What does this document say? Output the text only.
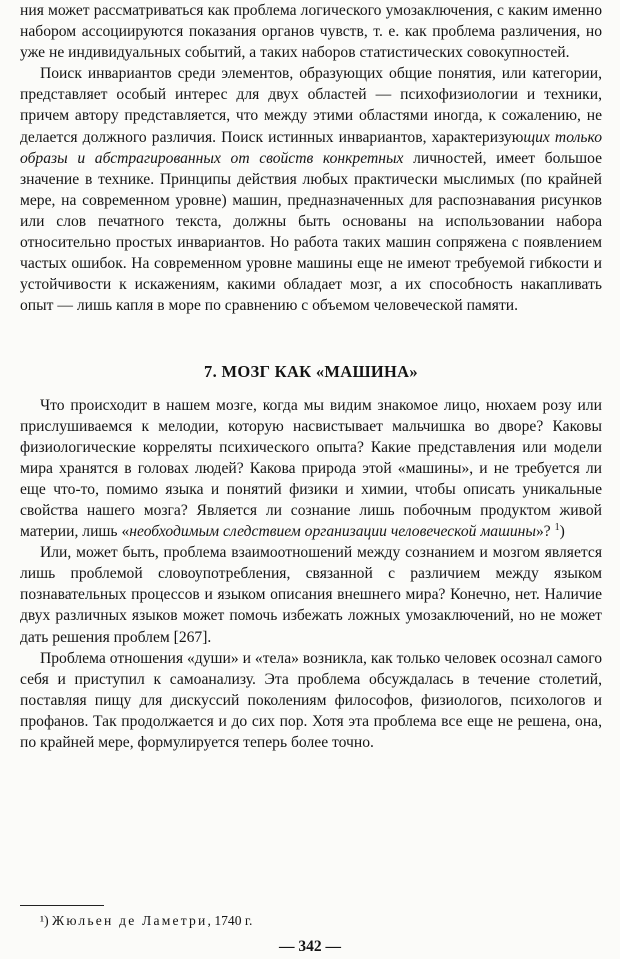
ния может рассматриваться как проблема логического умозаключения, с каким именно набором ассоциируются показания органов чувств, т. е. как проблема различения, но уже не индивидуальных событий, а таких наборов статистических совокупностей.

Поиск инвариантов среди элементов, образующих общие понятия, или категории, представляет особый интерес для двух областей — психофизиологии и техники, причем автору представляется, что между этими областями иногда, к сожалению, не делается должного различия. Поиск истинных инвариантов, характеризующих только образы и абстрагированных от свойств конкретных личностей, имеет большое значение в технике. Принципы действия любых практически мыслимых (по крайней мере, на современном уровне) машин, предназначенных для распознавания рисунков или слов печатного текста, должны быть основаны на использовании набора относительно простых инвариантов. Но работа таких машин сопряжена с появлением частых ошибок. На современном уровне машины еще не имеют требуемой гибкости и устойчивости к искажениям, какими обладает мозг, а их способность накапливать опыт — лишь капля в море по сравнению с объемом человеческой памяти.

7. МОЗГ КАК «МАШИНА»

Что происходит в нашем мозге, когда мы видим знакомое лицо, нюхаем розу или прислушиваемся к мелодии, которую насвистывает мальчишка во дворе? Каковы физиологические корреляты психического опыта? Какие представления или модели мира хранятся в головах людей? Какова природа этой «машины», и не требуется ли еще что-то, помимо языка и понятий физики и химии, чтобы описать уникальные свойства нашего мозга? Является ли сознание лишь побочным продуктом живой материи, лишь «необходимым следствием организации человеческой машины»? $^1$)

Или, может быть, проблема взаимоотношений между сознанием и мозгом является лишь проблемой словоупотребления, связанной с различием между языком познавательных процессов и языком описания внешнего мира? Конечно, нет. Наличие двух различных языков может помочь избежать ложных умозаключений, но не может дать решения проблем [267].

Проблема отношения «души» и «тела» возникла, как только человек осознал самого себя и приступил к самоанализу. Эта проблема обсуждалась в течение столетий, поставляя пищу для дискуссий поколениям философов, физиологов, психологов и профанов. Так продолжается и до сих пор. Хотя эта проблема все еще не решена, она, по крайней мере, формулируется теперь более точно.

¹) Жюльен де Ламетри, 1740 г.

— 342 —
